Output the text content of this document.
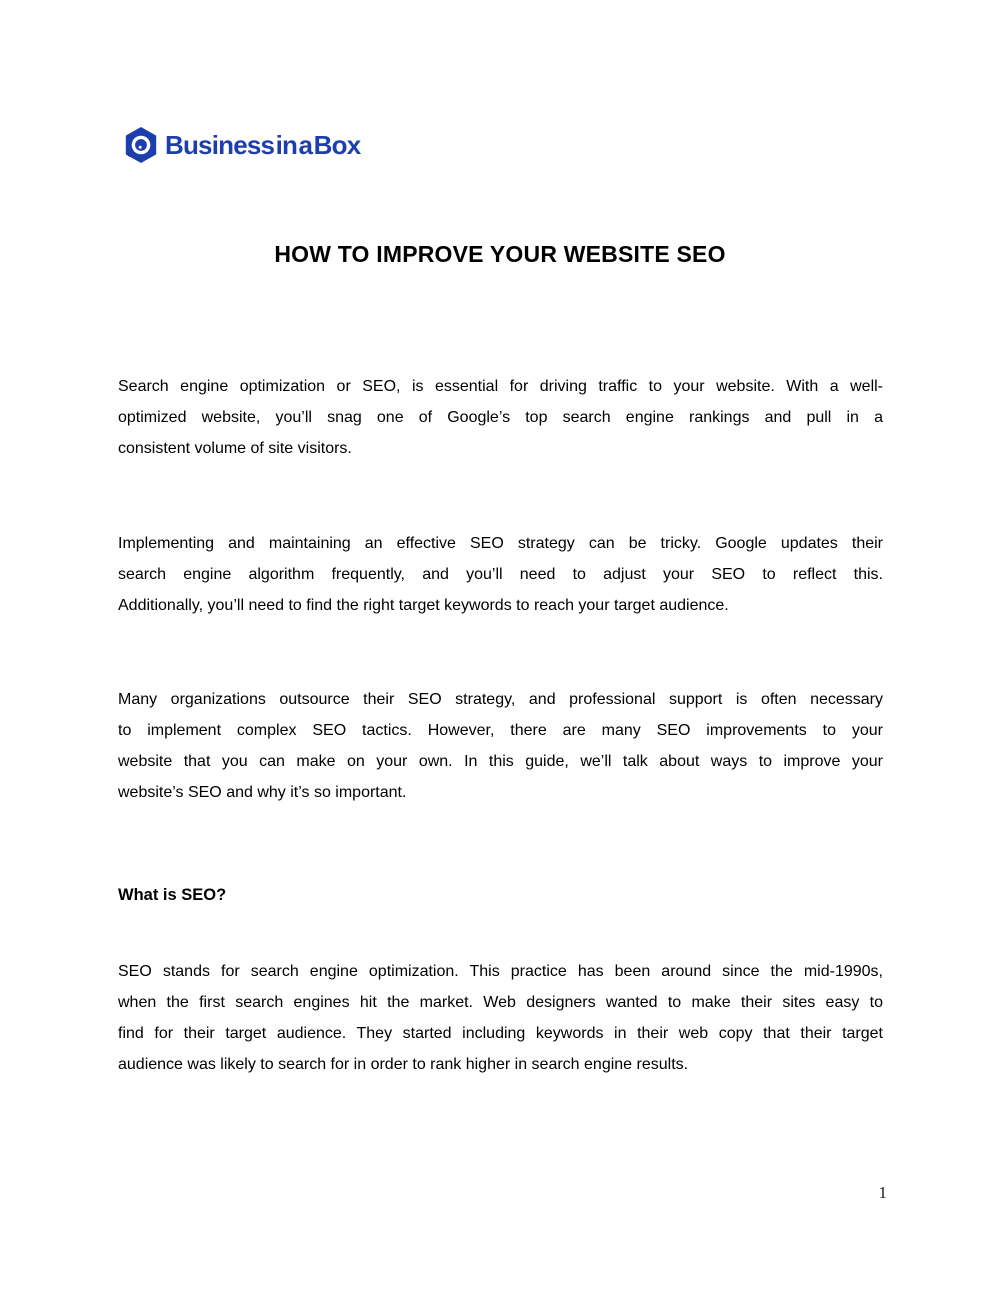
Business in a Box
HOW TO IMPROVE YOUR WEBSITE SEO
Search engine optimization or SEO, is essential for driving traffic to your website. With a well-
optimized website, you’ll snag one of Google’s top search engine rankings and pull in a
consistent volume of site visitors.
Implementing and maintaining an effective SEO strategy can be tricky. Google updates their
search engine algorithm frequently, and you’ll need to adjust your SEO to reflect this.
Additionally, you’ll need to find the right target keywords to reach your target audience.
Many organizations outsource their SEO strategy, and professional support is often necessary
to implement complex SEO tactics. However, there are many SEO improvements to your
website that you can make on your own. In this guide, we’ll talk about ways to improve your
website’s SEO and why it’s so important.
What is SEO?
SEO stands for search engine optimization. This practice has been around since the mid-1990s,
when the first search engines hit the market. Web designers wanted to make their sites easy to
find for their target audience. They started including keywords in their web copy that their target
audience was likely to search for in order to rank higher in search engine results.
1
